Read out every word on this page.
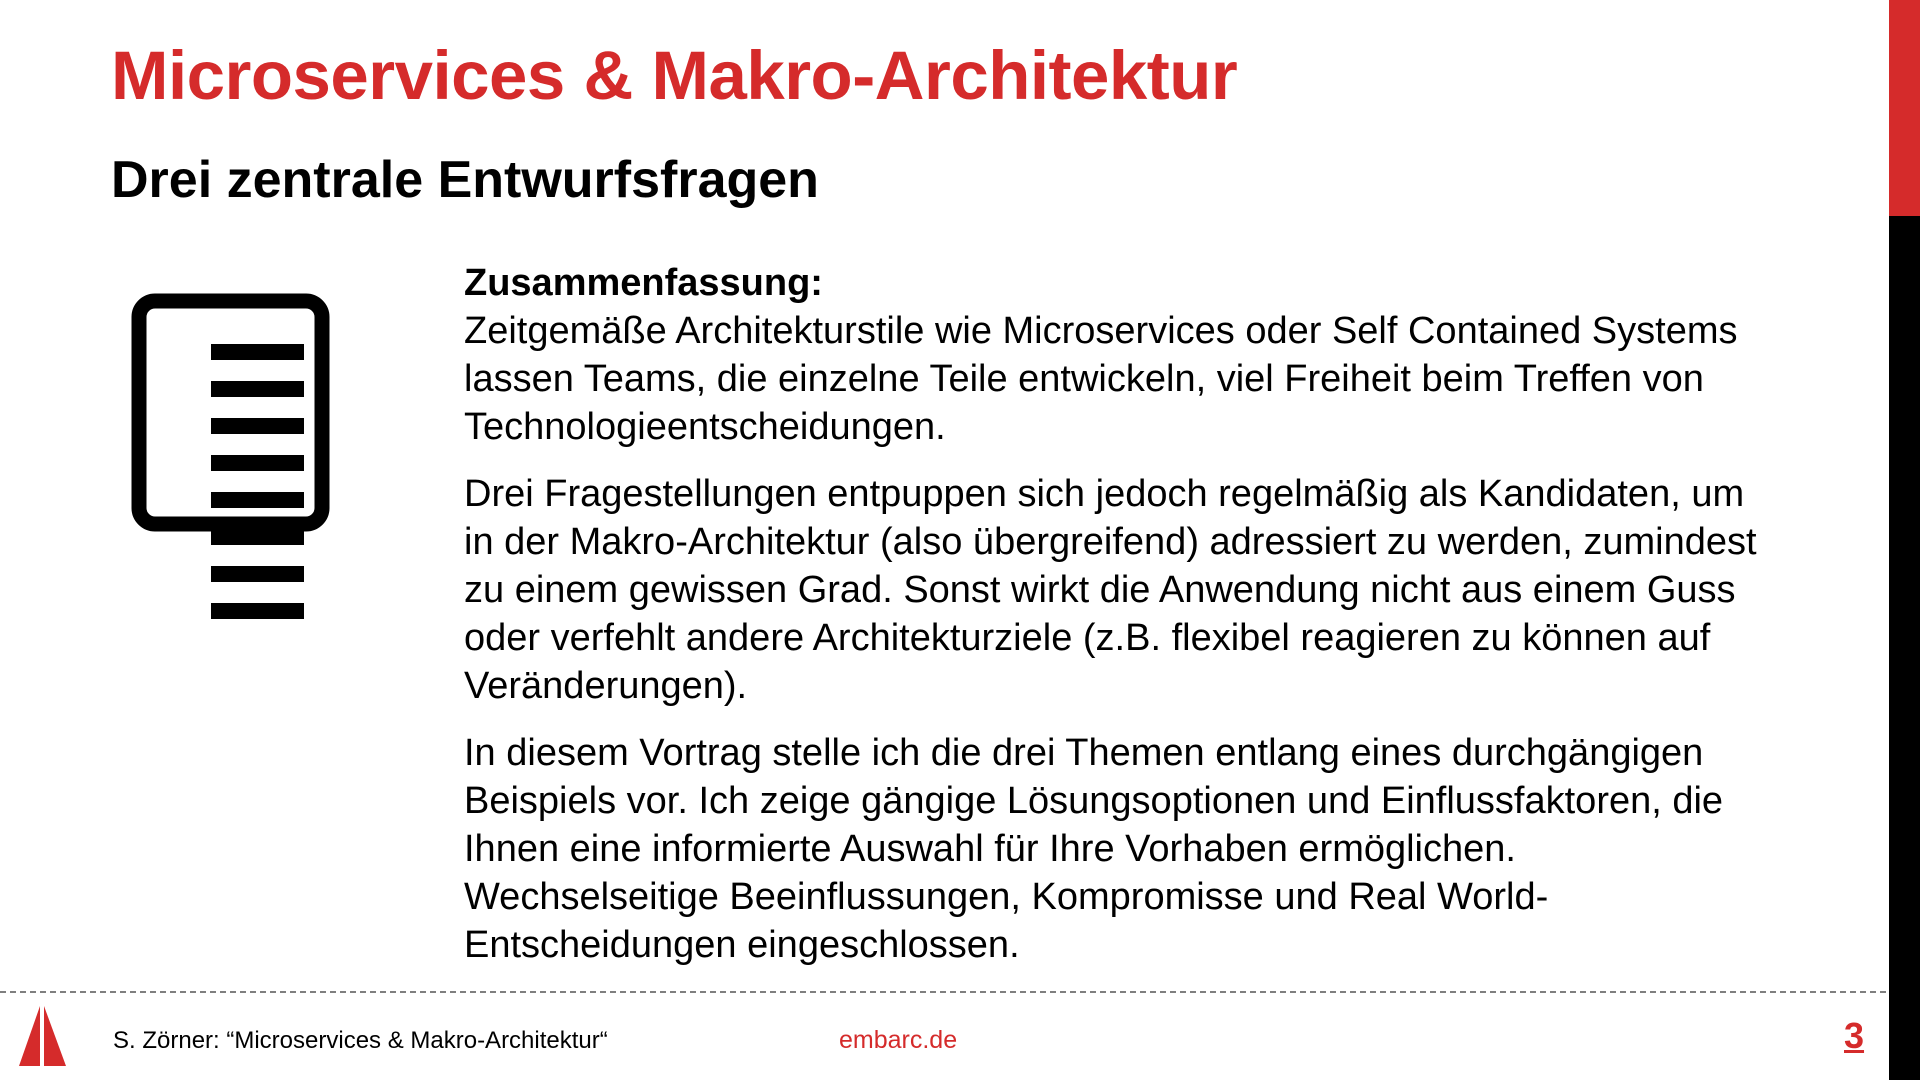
Microservices & Makro-Architektur
Drei zentrale Entwurfsfragen

Zusammenfassung:
Zeitgemäße Architekturstile wie Microservices oder Self Contained Systems lassen Teams, die einzelne Teile entwickeln, viel Freiheit beim Treffen von Technologieentscheidungen.

Drei Fragestellungen entpuppen sich jedoch regelmäßig als Kandidaten, um in der Makro-Architektur (also übergreifend) adressiert zu werden, zumindest zu einem gewissen Grad. Sonst wirkt die Anwendung nicht aus einem Guss oder verfehlt andere Architekturziele (z.B. flexibel reagieren zu können auf Veränderungen).

In diesem Vortrag stelle ich die drei Themen entlang eines durchgängigen Beispiels vor. Ich zeige gängige Lösungsoptionen und Einflussfaktoren, die Ihnen eine informierte Auswahl für Ihre Vorhaben ermöglichen. Wechselseitige Beeinflussungen, Kompromisse und Real World-Entscheidungen eingeschlossen.

S. Zörner: “Microservices & Makro-Architektur“	embarc.de	3
